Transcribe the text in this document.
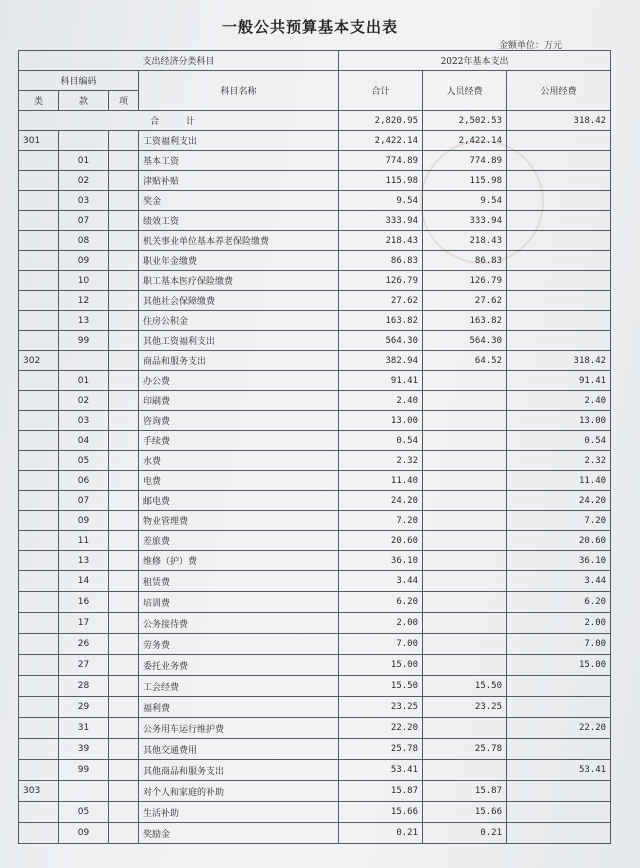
一般公共预算基本支出表
金额单位：万元
支出经济分类科目				2022年基本支出		
科目编码			科目名称	合计	人员经费	公用经费
类	款	项				
合 计				2,820.95	2,502.53	318.42
301			工资福利支出	2,422.14	2,422.14	
	01		基本工资	774.89	774.89	
	02		津贴补贴	115.98	115.98	
	03		奖金	9.54	9.54	
	07		绩效工资	333.94	333.94	
	08		机关事业单位基本养老保险缴费	218.43	218.43	
	09		职业年金缴费	86.83	86.83	
	10		职工基本医疗保险缴费	126.79	126.79	
	12		其他社会保障缴费	27.62	27.62	
	13		住房公积金	163.82	163.82	
	99		其他工资福利支出	564.30	564.30	
302			商品和服务支出	382.94	64.52	318.42
	01		办公费	91.41		91.41
	02		印刷费	2.40		2.40
	03		咨询费	13.00		13.00
	04		手续费	0.54		0.54
	05		水费	2.32		2.32
	06		电费	11.40		11.40
	07		邮电费	24.20		24.20
	09		物业管理费	7.20		7.20
	11		差旅费	20.60		20.60
	13		维修（护）费	36.10		36.10
	14		租赁费	3.44		3.44
	16		培训费	6.20		6.20
	17		公务接待费	2.00		2.00
	26		劳务费	7.00		7.00
	27		委托业务费	15.00		15.00
	28		工会经费	15.50	15.50	
	29		福利费	23.25	23.25	
	31		公务用车运行维护费	22.20		22.20
	39		其他交通费用	25.78	25.78	
	99		其他商品和服务支出	53.41		53.41
303			对个人和家庭的补助	15.87	15.87	
	05		生活补助	15.66	15.66	
	09		奖励金	0.21	0.21	
